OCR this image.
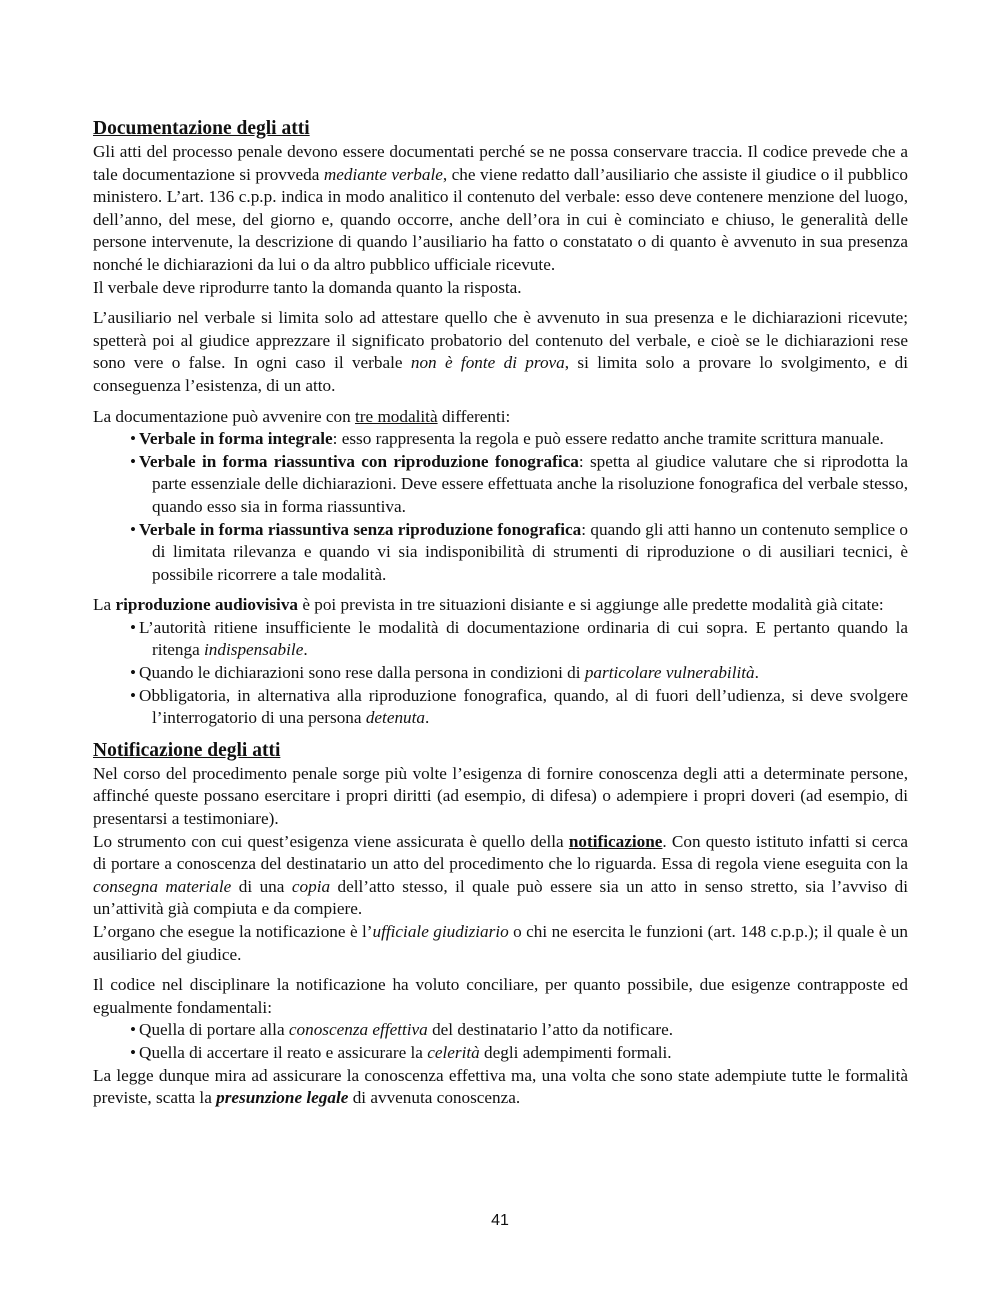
Documentazione degli atti

Gli atti del processo penale devono essere documentati perché se ne possa conservare traccia. Il codice prevede che a tale documentazione si provveda mediante verbale, che viene redatto dall’ausiliario che assiste il giudice o il pubblico ministero. L’art. 136 c.p.p. indica in modo analitico il contenuto del verbale: esso deve contenere menzione del luogo, dell’anno, del mese, del giorno e, quando occorre, anche dell’ora in cui è cominciato e chiuso, le generalità delle persone intervenute, la descrizione di quando l’ausiliario ha fatto o constatato o di quanto è avvenuto in sua presenza nonché le dichiarazioni da lui o da altro pubblico ufficiale ricevute.

Il verbale deve riprodurre tanto la domanda quanto la risposta.

L’ausiliario nel verbale si limita solo ad attestare quello che è avvenuto in sua presenza e le dichiarazioni ricevute; spetterà poi al giudice apprezzare il significato probatorio del contenuto del verbale, e cioè se le dichiarazioni rese sono vere o false. In ogni caso il verbale non è fonte di prova, si limita solo a provare lo svolgimento, e di conseguenza l’esistenza, di un atto.

La documentazione può avvenire con tre modalità differenti:

• Verbale in forma integrale: esso rappresenta la regola e può essere redatto anche tramite scrittura manuale.
• Verbale in forma riassuntiva con riproduzione fonografica: spetta al giudice valutare che si riprodotta la parte essenziale delle dichiarazioni. Deve essere effettuata anche la risoluzione fonografica del verbale stesso, quando esso sia in forma riassuntiva.
• Verbale in forma riassuntiva senza riproduzione fonografica: quando gli atti hanno un contenuto semplice o di limitata rilevanza e quando vi sia indisponibilità di strumenti di riproduzione o di ausiliari tecnici, è possibile ricorrere a tale modalità.

La riproduzione audiovisiva è poi prevista in tre situazioni disiante e si aggiunge alle predette modalità già citate:

• L’autorità ritiene insufficiente le modalità di documentazione ordinaria di cui sopra. E pertanto quando la ritenga indispensabile.
• Quando le dichiarazioni sono rese dalla persona in condizioni di particolare vulnerabilità.
• Obbligatoria, in alternativa alla riproduzione fonografica, quando, al di fuori dell’udienza, si deve svolgere l’interrogatorio di una persona detenuta.
Notificazione degli atti

Nel corso del procedimento penale sorge più volte l’esigenza di fornire conoscenza degli atti a determinate persone, affinché queste possano esercitare i propri diritti (ad esempio, di difesa) o adempiere i propri doveri (ad esempio, di presentarsi a testimoniare).

Lo strumento con cui quest’esigenza viene assicurata è quello della notificazione. Con questo istituto infatti si cerca di portare a conoscenza del destinatario un atto del procedimento che lo riguarda. Essa di regola viene eseguita con la consegna materiale di una copia dell’atto stesso, il quale può essere sia un atto in senso stretto, sia l’avviso di un’attività già compiuta e da compiere.

L’organo che esegue la notificazione è l’ufficiale giudiziario o chi ne esercita le funzioni (art. 148 c.p.p.); il quale è un ausiliario del giudice.

Il codice nel disciplinare la notificazione ha voluto conciliare, per quanto possibile, due esigenze contrapposte ed egualmente fondamentali:

• Quella di portare alla conoscenza effettiva del destinatario l’atto da notificare.
• Quella di accertare il reato e assicurare la celerità degli adempimenti formali.

La legge dunque mira ad assicurare la conoscenza effettiva ma, una volta che sono state adempiute tutte le formalità previste, scatta la presunzione legale di avvenuta conoscenza.

41
